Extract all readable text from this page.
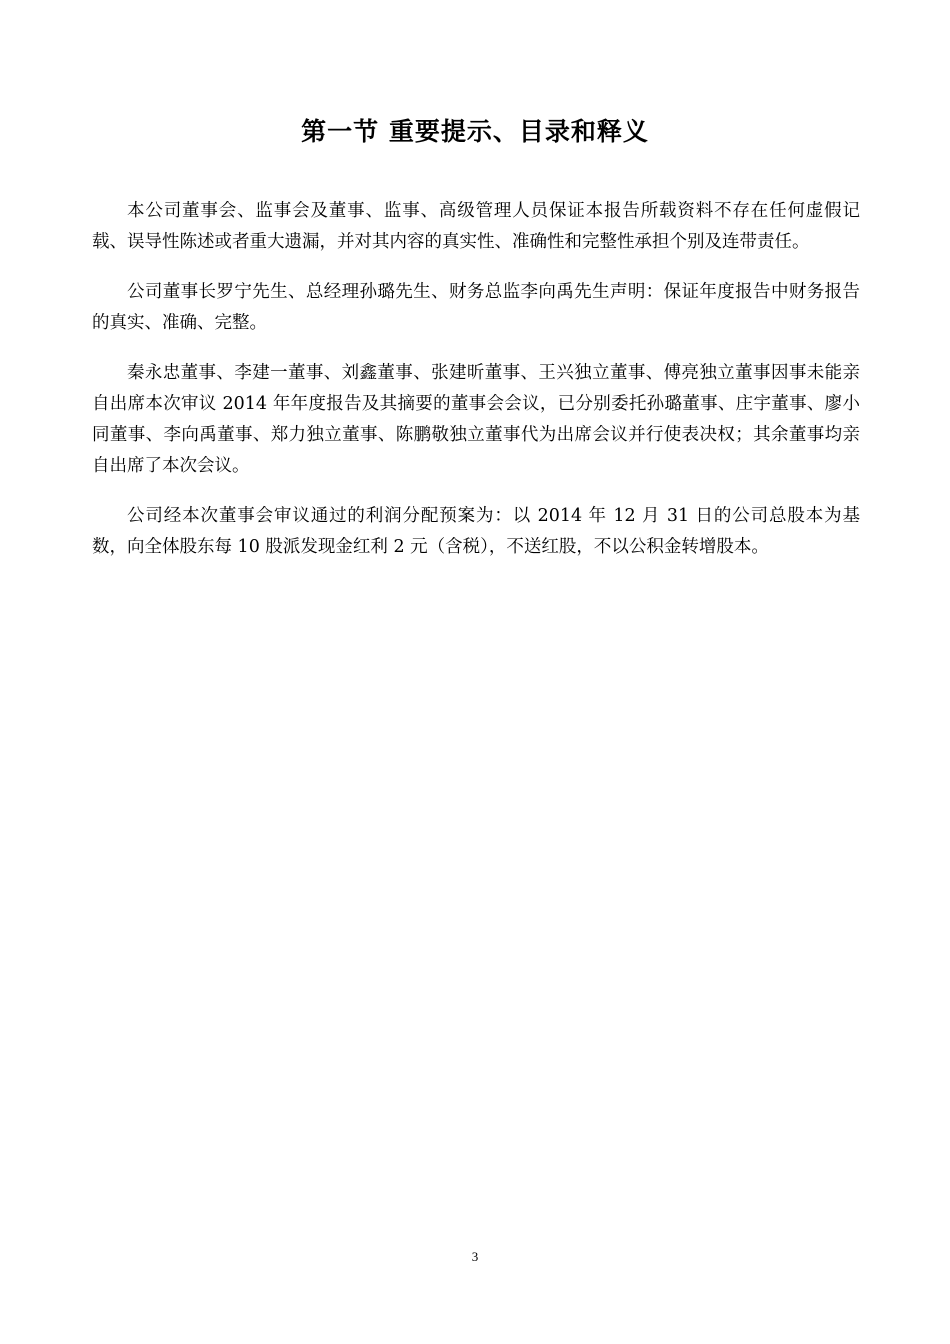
第一节 重要提示、目录和释义

本公司董事会、监事会及董事、监事、高级管理人员保证本报告所载资料不存在任何虚假记载、误导性陈述或者重大遗漏，并对其内容的真实性、准确性和完整性承担个别及连带责任。

公司董事长罗宁先生、总经理孙璐先生、财务总监李向禹先生声明：保证年度报告中财务报告的真实、准确、完整。

秦永忠董事、李建一董事、刘鑫董事、张建昕董事、王兴独立董事、傅亮独立董事因事未能亲自出席本次审议 2014 年年度报告及其摘要的董事会会议，已分别委托孙璐董事、庄宇董事、廖小同董事、李向禹董事、郑力独立董事、陈鹏敬独立董事代为出席会议并行使表决权；其余董事均亲自出席了本次会议。

公司经本次董事会审议通过的利润分配预案为：以 2014 年 12 月 31 日的公司总股本为基数，向全体股东每 10 股派发现金红利 2 元（含税），不送红股，不以公积金转增股本。

3
